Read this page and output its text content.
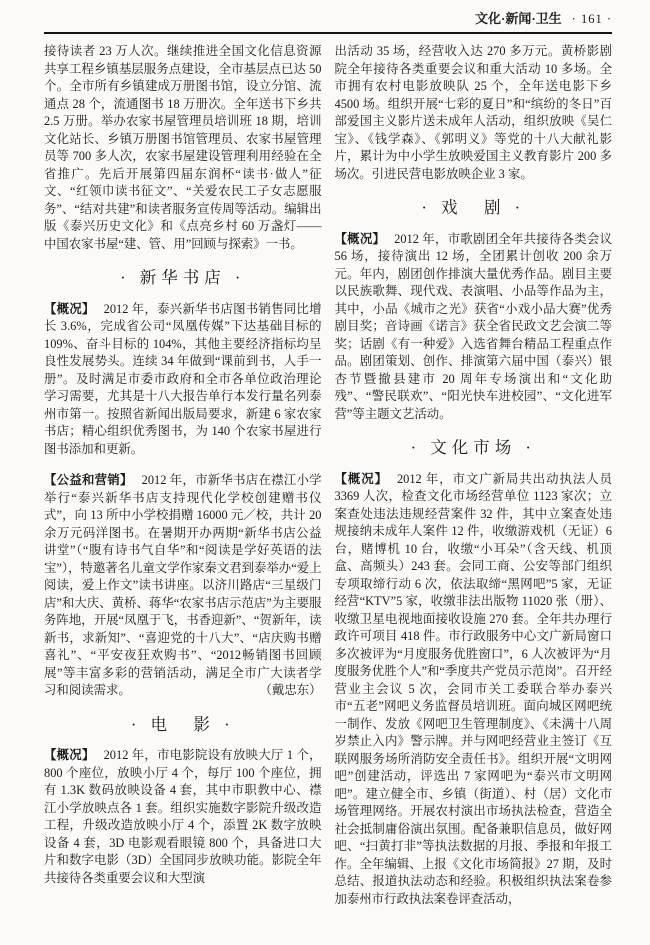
文化·新闻·卫生 · 161 ·
接待读者 23 万人次。继续推进全国文化信息资源共享工程乡镇基层服务点建设，全市基层点已达 50 个。全市所有乡镇建成万册图书馆，设立分馆、流通点 28 个，流通图书 18 万册次。全年送书下乡共 2.5 万册。举办农家书屋管理员培训班 18 期，培训文化站长、乡镇万册图书馆管理员、农家书屋管理员等 700 多人次，农家书屋建设管理利用经验在全省推广。先后开展第四届东润杯“读书·做人”征文、“红领巾读书征文”、“关爱农民工子女志愿服务”、“结对共建”和读者服务宣传周等活动。编辑出版《泰兴历史文化》和《点亮乡村 60 万盏灯——中国农家书屋“建、管、用”回顾与探索》一书。
· 新华书店 ·
【概况】 2012 年，泰兴新华书店图书销售同比增长 3.6%，完成省公司“凤凰传媒”下达基础目标的 109%、奋斗目标的 104%，其他主要经济指标均呈良性发展势头。连续 34 年做到“课前到书，人手一册”。及时满足市委市政府和全市各单位政治理论学习需要，尤其是十八大报告单行本发行量名列泰州市第一。按照省新闻出版局要求，新建 6 家农家书店；精心组织优秀图书，为 140 个农家书屋进行图书添加和更新。
【公益和营销】 2012 年，市新华书店在襟江小学举行“泰兴新华书店支持现代化学校创建赠书仪式”，向 13 所中小学校捐赠 16000 元／校，共计 20 余万元码洋图书。在暑期开办两期“新华书店公益讲堂”（“腹有诗书气自华”和“阅读是学好英语的法宝”），特邀著名儿童文学作家秦文君到泰举办“爱上阅读，爱上作文”读书讲座。以济川路店“三星级门店”和大庆、黄桥、蒋华“农家书店示范店”为主要服务阵地，开展“凤凰于飞，书香迎新”、“贺新年，读新书，求新知”、“喜迎党的十八大”、“店庆购书赠喜礼”、“平安夜狂欢购书”、“2012畅销图书回顾展”等丰富多彩的营销活动，满足全市广大读者学习和阅读需求。	（戴忠东）
· 电　影 ·
【概况】 2012 年，市电影院设有放映大厅 1 个，800 个座位，放映小厅 4 个，每厅 100 个座位，拥有 1.3K 数码放映设备 4 套，其中市职教中心、襟江小学放映点各 1 套。组织实施数字影院升级改造工程，升级改造放映小厅 4 个，添置 2K 数字放映设备 4 套，3D 电影观看眼镜 800 个，具备进口大片和数字电影（3D）全国同步放映功能。影院全年共接待各类重要会议和大型演
出活动 35 场，经营收入达 270 多万元。黄桥影剧院全年接待各类重要会议和重大活动 10 多场。全市拥有农村电影放映队 25 个，全年送电影下乡 4500 场。组织开展“七彩的夏日”和“缤纷的冬日”百部爱国主义影片送未成年人活动，组织放映《吴仁宝》、《钱学森》、《郭明义》等党的十八大献礼影片，累计为中小学生放映爱国主义教育影片 200 多场次。引进民营电影放映企业 3 家。
· 戏　剧 ·
【概况】 2012 年，市歌剧团全年共接待各类会议 56 场，接待演出 12 场，全团累计创收 200 余万元。年内，剧团创作排演大量优秀作品。剧目主要以民族歌舞、现代戏、表演唱、小品等作品为主，其中，小品《城市之光》获省“小戏小品大赛”优秀剧目奖；音诗画《诺言》获全省民政文艺会演二等奖；话剧《有一种爱》入选省舞台精品工程重点作品。剧团策划、创作、排演第六届中国（泰兴）银杏节暨撤县建市 20 周年专场演出和“文化助残”、“警民联欢”、“阳光快车进校园”、“文化进军营”等主题文艺活动。
· 文化市场 ·
【概况】 2012 年，市文广新局共出动执法人员 3369 人次，检查文化市场经营单位 1123 家次；立案查处违法违规经营案件 32 件，其中立案查处违规接纳未成年人案件 12 件，收缴游戏机（无证）6 台，赌博机 10 台，收缴“小耳朵”（含天线、机顶盒、高频头）243 套。会同工商、公安等部门组织专项取缔行动 6 次，依法取缔“黑网吧”5 家，无证经营“KTV”5 家，收缴非法出版物 11020 张（册）、收缴卫星电视地面接收设施 270 套。全年共办理行政许可项目 418 件。市行政服务中心文广新局窗口多次被评为“月度服务优胜窗口”，6 人次被评为“月度服务优胜个人”和“季度共产党员示范岗”。召开经营业主会议 5 次，会同市关工委联合举办泰兴市“五老”网吧义务监督员培训班。面向城区网吧统一制作、发放《网吧卫生管理制度》、《未满十八周岁禁止入内》警示牌。并与网吧经营业主签订《互联网服务场所消防安全责任书》。组织开展“文明网吧”创建活动，评选出 7 家网吧为“泰兴市文明网吧”。建立健全市、乡镇（街道）、村（居）文化市场管理网络。开展农村演出市场执法检查，营造全社会抵制庸俗演出氛围。配备兼职信息员，做好网吧、“扫黄打非”等执法数据的月报、季报和年报工作。全年编辑、上报《文化市场简报》27 期，及时总结、报道执法动态和经验。积极组织执法案卷参加泰州市行政执法案卷评查活动，
